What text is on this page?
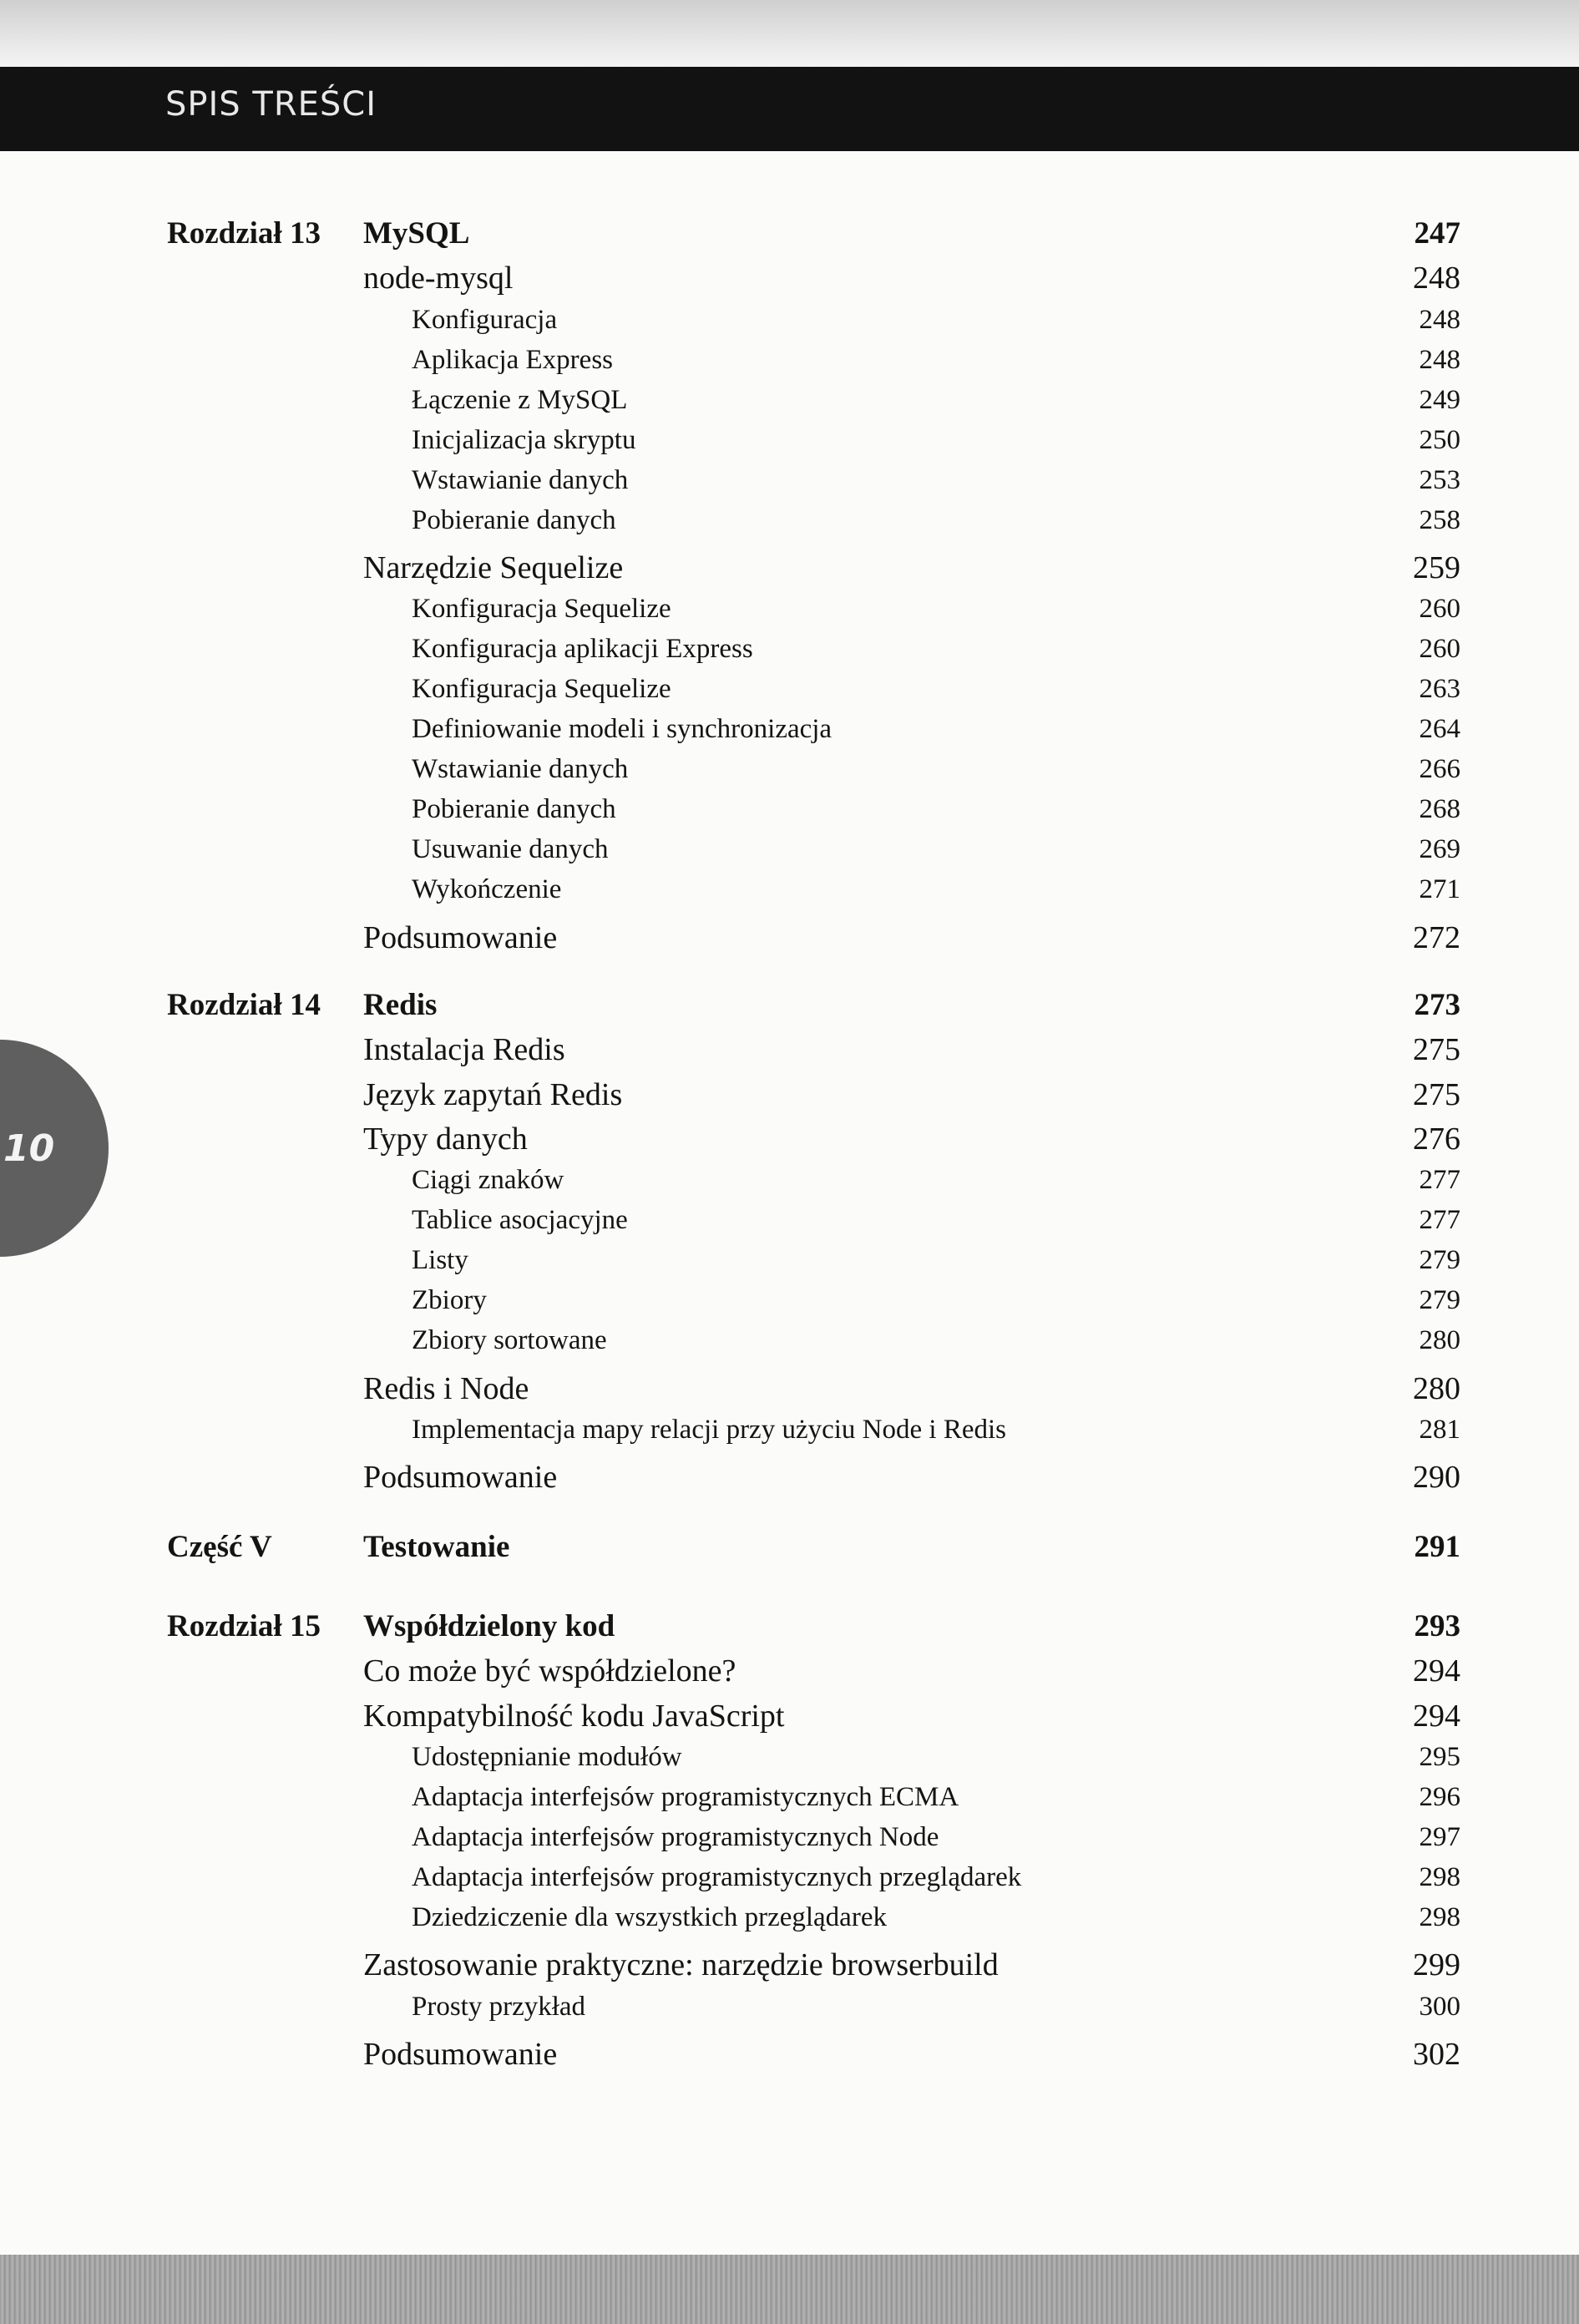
SPIS TREŚCI
10
Rozdział 13 MySQL	247
node-mysql	248
Konfiguracja	248
Aplikacja Express	248
Łączenie z MySQL	249
Inicjalizacja skryptu	250
Wstawianie danych	253
Pobieranie danych	258
Narzędzie Sequelize	259
Konfiguracja Sequelize	260
Konfiguracja aplikacji Express	260
Konfiguracja Sequelize	263
Definiowanie modeli i synchronizacja	264
Wstawianie danych	266
Pobieranie danych	268
Usuwanie danych	269
Wykończenie	271
Podsumowanie	272
Rozdział 14 Redis	273
Instalacja Redis	275
Język zapytań Redis	275
Typy danych	276
Ciągi znaków	277
Tablice asocjacyjne	277
Listy	279
Zbiory	279
Zbiory sortowane	280
Redis i Node	280
Implementacja mapy relacji przy użyciu Node i Redis	281
Podsumowanie	290
Część V	Testowanie	291
Rozdział 15 Współdzielony kod	293
Co może być współdzielone?	294
Kompatybilność kodu JavaScript	294
Udostępnianie modułów	295
Adaptacja interfejsów programistycznych ECMA	296
Adaptacja interfejsów programistycznych Node	297
Adaptacja interfejsów programistycznych przeglądarek	298
Dziedziczenie dla wszystkich przeglądarek	298
Zastosowanie praktyczne: narzędzie browserbuild	299
Prosty przykład	300
Podsumowanie	302
